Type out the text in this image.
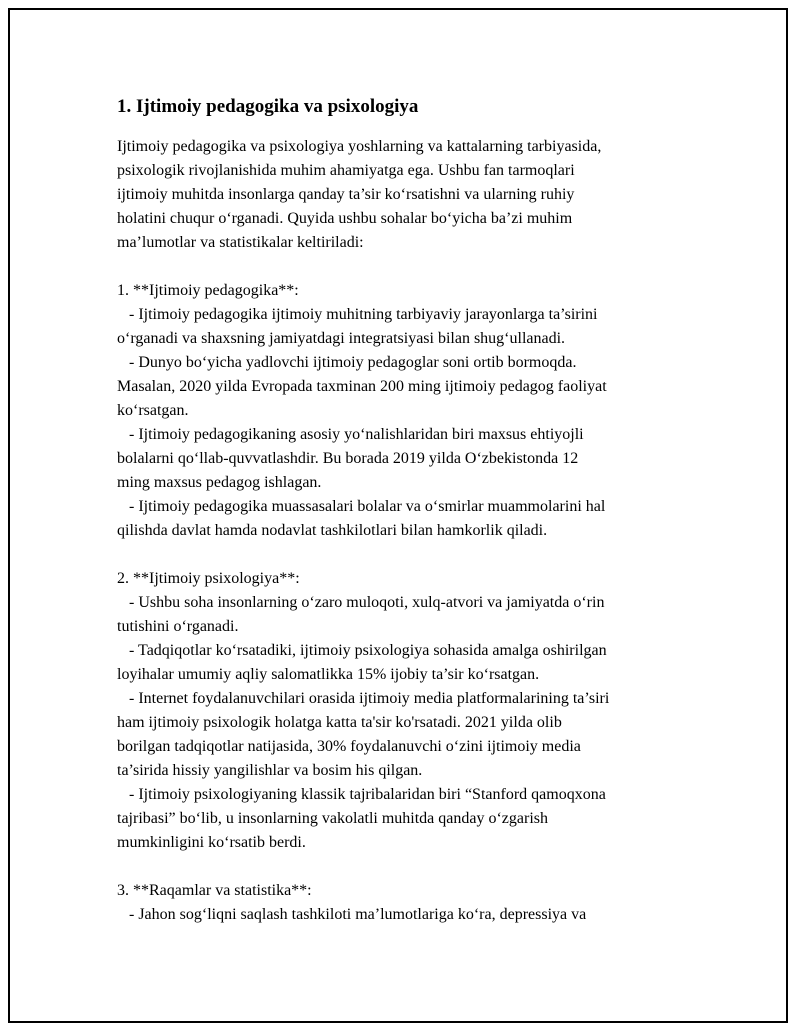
1. Ijtimoiy pedagogika va psixologiya

Ijtimoiy pedagogika va psixologiya yoshlarning va kattalarning tarbiyasida,
psixologik rivojlanishida muhim ahamiyatga ega. Ushbu fan tarmoqlari
ijtimoiy muhitda insonlarga qanday ta’sir ko‘rsatishni va ularning ruhiy
holatini chuqur o‘rganadi. Quyida ushbu sohalar bo‘yicha ba’zi muhim
ma’lumotlar va statistikalar keltiriladi:

1. **Ijtimoiy pedagogika**:
- Ijtimoiy pedagogika ijtimoiy muhitning tarbiyaviy jarayonlarga ta’sirini
o‘rganadi va shaxsning jamiyatdagi integratsiyasi bilan shug‘ullanadi.
- Dunyo bo‘yicha yadlovchi ijtimoiy pedagoglar soni ortib bormoqda.
Masalan, 2020 yilda Evropada taxminan 200 ming ijtimoiy pedagog faoliyat
ko‘rsatgan.
- Ijtimoiy pedagogikaning asosiy yo‘nalishlaridan biri maxsus ehtiyojli
bolalarni qo‘llab-quvvatlashdir. Bu borada 2019 yilda O‘zbekistonda 12
ming maxsus pedagog ishlagan.
- Ijtimoiy pedagogika muassasalari bolalar va o‘smirlar muammolarini hal
qilishda davlat hamda nodavlat tashkilotlari bilan hamkorlik qiladi.

2. **Ijtimoiy psixologiya**:
- Ushbu soha insonlarning o‘zaro muloqoti, xulq-atvori va jamiyatda o‘rin
tutishini o‘rganadi.
- Tadqiqotlar ko‘rsatadiki, ijtimoiy psixologiya sohasida amalga oshirilgan
loyihalar umumiy aqliy salomatlikka 15% ijobiy ta’sir ko‘rsatgan.
- Internet foydalanuvchilari orasida ijtimoiy media platformalarining ta’siri
ham ijtimoiy psixologik holatga katta ta'sir ko'rsatadi. 2021 yilda olib
borilgan tadqiqotlar natijasida, 30% foydalanuvchi o‘zini ijtimoiy media
ta’sirida hissiy yangilishlar va bosim his qilgan.
- Ijtimoiy psixologiyaning klassik tajribalaridan biri “Stanford qamoqxona
tajribasi” bo‘lib, u insonlarning vakolatli muhitda qanday o‘zgarish
mumkinligini ko‘rsatib berdi.

3. **Raqamlar va statistika**:
- Jahon sog‘liqni saqlash tashkiloti ma’lumotlariga ko‘ra, depressiya va
